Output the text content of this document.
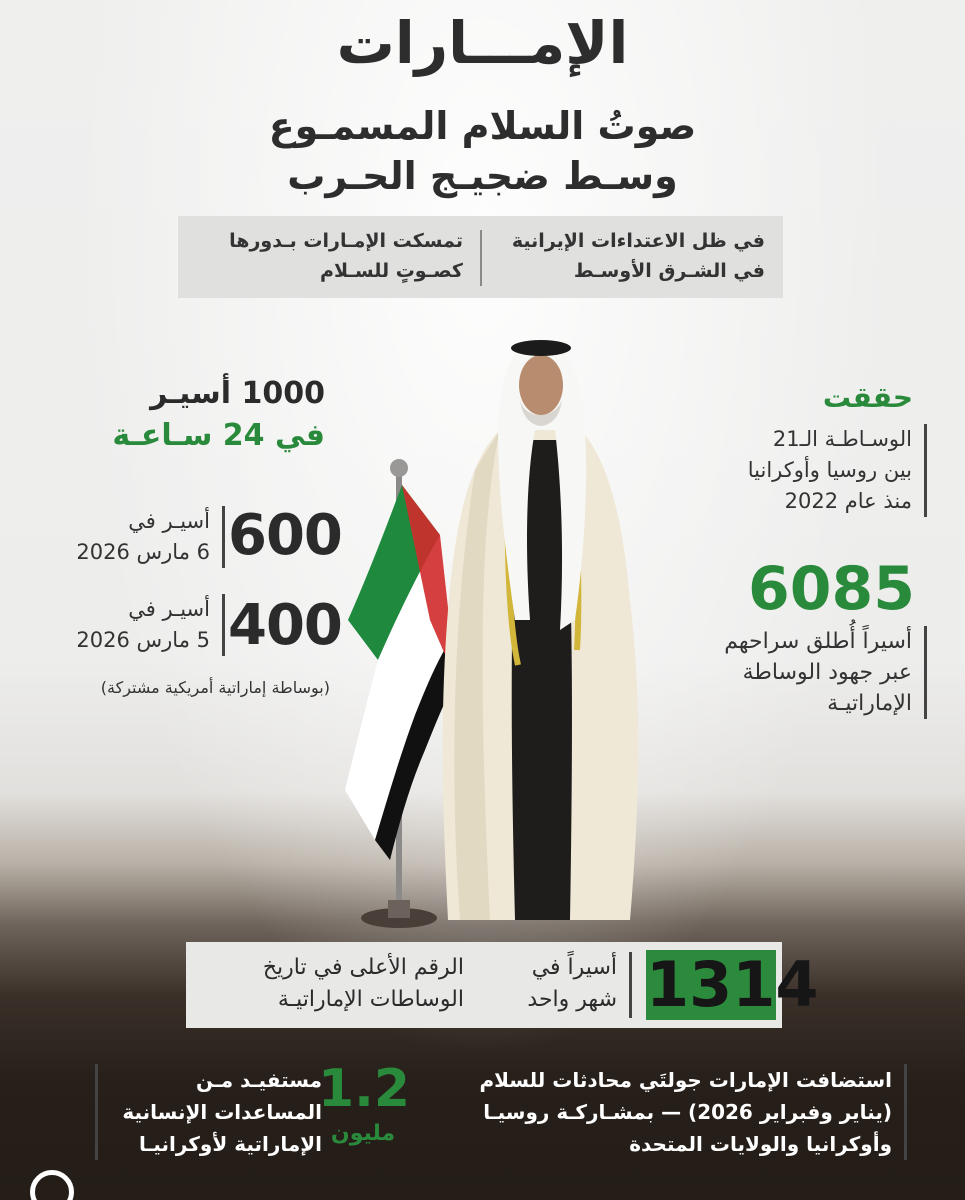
الإمـــارات
صوتُ السلام المسمـوع
وسـط ضجيـج الحـرب
في ظل الاعتداءات الإيرانية
في الشـرق الأوسـط
تمسكت الإمـارات بـدورها
كصـوتٍ للسـلام
حققت
الوسـاطـة الـ21
بين روسيا وأوكرانيا
منذ عام 2022
6085
أسيراً أُطلق سراحهم
عبر جهود الوساطة
الإماراتيـة
1000 أسيـر
في 24 سـاعـة
600
أسيـر في
6 مارس 2026
400
أسيـر في
5 مارس 2026
(بوساطة إماراتية أمريكية مشتركة)
1314
أسيراً في
شهر واحد
الرقم الأعلى في تاريخ
الوساطات الإماراتيـة
استضافت الإمارات جولتَي محادثات للسلام
(يناير وفبراير 2026) — بمشـاركـة روسيـا
وأوكرانيا والولايات المتحدة
1.2
مليون
مستفيـد مـن
المساعدات الإنسانية
الإماراتية لأوكرانيـا
